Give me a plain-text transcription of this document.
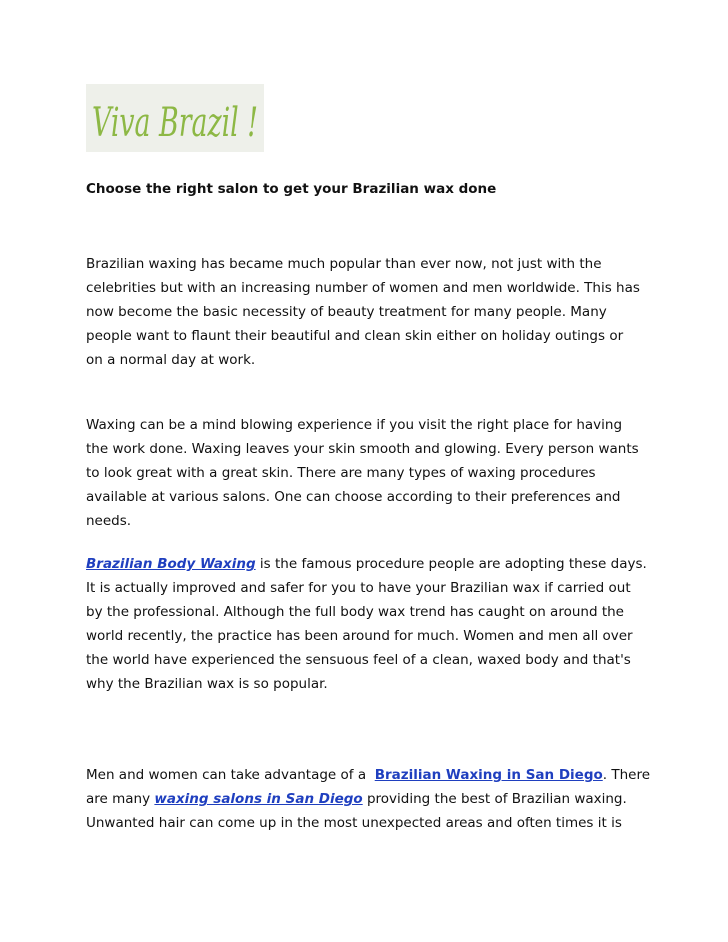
Viva Brazil !
Choose the right salon to get your Brazilian wax done

Brazilian waxing has became much popular than ever now, not just with the
celebrities but with an increasing number of women and men worldwide. This has
now become the basic necessity of beauty treatment for many people. Many
people want to flaunt their beautiful and clean skin either on holiday outings or
on a normal day at work.

Waxing can be a mind blowing experience if you visit the right place for having
the work done. Waxing leaves your skin smooth and glowing. Every person wants
to look great with a great skin. There are many types of waxing procedures
available at various salons. One can choose according to their preferences and
needs.

Brazilian Body Waxing is the famous procedure people are adopting these days.
It is actually improved and safer for you to have your Brazilian wax if carried out
by the professional. Although the full body wax trend has caught on around the
world recently, the practice has been around for much. Women and men all over
the world have experienced the sensuous feel of a clean, waxed body and that's
why the Brazilian wax is so popular.

Men and women can take advantage of a  Brazilian Waxing in San Diego. There
are many waxing salons in San Diego providing the best of Brazilian waxing.
Unwanted hair can come up in the most unexpected areas and often times it is
